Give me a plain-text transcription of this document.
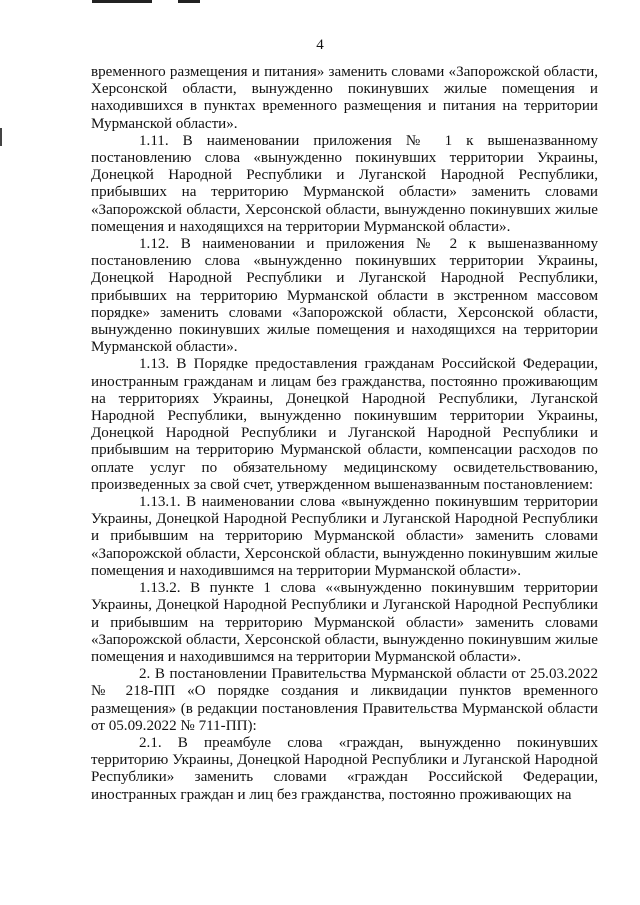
4

временного размещения и питания» заменить словами «Запорожской области, Херсонской области, вынужденно покинувших жилые помещения и находившихся в пунктах временного размещения и питания на территории Мурманской области».

1.11. В наименовании приложения № 1 к вышеназванному постановлению слова «вынужденно покинувших территории Украины, Донецкой Народной Республики и Луганской Народной Республики, прибывших на территорию Мурманской области» заменить словами «Запорожской области, Херсонской области, вынужденно покинувших жилые помещения и находящихся на территории Мурманской области».

1.12. В наименовании и приложения № 2 к вышеназванному постановлению слова «вынужденно покинувших территории Украины, Донецкой Народной Республики и Луганской Народной Республики, прибывших на территорию Мурманской области в экстренном массовом порядке» заменить словами «Запорожской области, Херсонской области, вынужденно покинувших жилые помещения и находящихся на территории Мурманской области».

1.13. В Порядке предоставления гражданам Российской Федерации, иностранным гражданам и лицам без гражданства, постоянно проживающим на территориях Украины, Донецкой Народной Республики, Луганской Народной Республики, вынужденно покинувшим территории Украины, Донецкой Народной Республики и Луганской Народной Республики и прибывшим на территорию Мурманской области, компенсации расходов по оплате услуг по обязательному медицинскому освидетельствованию, произведенных за свой счет, утвержденном вышеназванным постановлением:

1.13.1. В наименовании слова «вынужденно покинувшим территории Украины, Донецкой Народной Республики и Луганской Народной Республики и прибывшим на территорию Мурманской области» заменить словами «Запорожской области, Херсонской области, вынужденно покинувшим жилые помещения и находившимся на территории Мурманской области».

1.13.2. В пункте 1 слова ««вынужденно покинувшим территории Украины, Донецкой Народной Республики и Луганской Народной Республики и прибывшим на территорию Мурманской области» заменить словами «Запорожской области, Херсонской области, вынужденно покинувшим жилые помещения и находившимся на территории Мурманской области».

2. В постановлении Правительства Мурманской области от 25.03.2022 № 218-ПП «О порядке создания и ликвидации пунктов временного размещения» (в редакции постановления Правительства Мурманской области от 05.09.2022 № 711-ПП):

2.1. В преамбуле слова «граждан, вынужденно покинувших территорию Украины, Донецкой Народной Республики и Луганской Народной Республики» заменить словами «граждан Российской Федерации, иностранных граждан и лиц без гражданства, постоянно проживающих на
